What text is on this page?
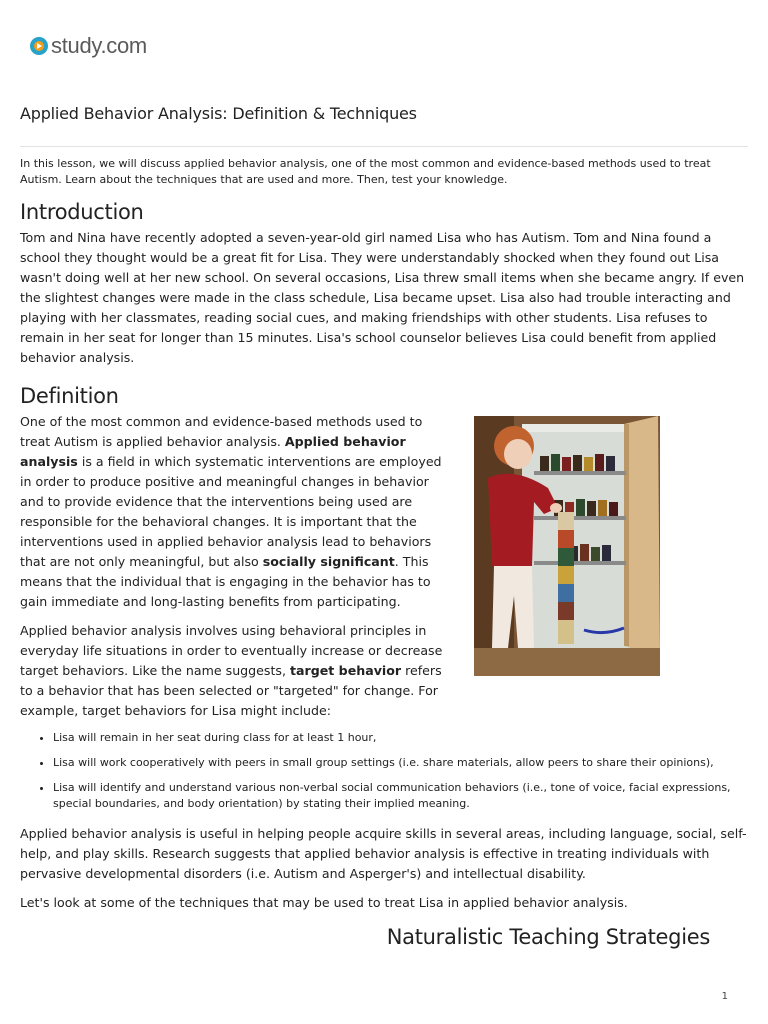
study.com
Applied Behavior Analysis: Definition & Techniques

In this lesson, we will discuss applied behavior analysis, one of the most common and evidence-based methods used to treat Autism. Learn about the techniques that are used and more. Then, test your knowledge.

Introduction

Tom and Nina have recently adopted a seven-year-old girl named Lisa who has Autism. Tom and Nina found a school they thought would be a great fit for Lisa. They were understandably shocked when they found out Lisa wasn't doing well at her new school. On several occasions, Lisa threw small items when she became angry. If even the slightest changes were made in the class schedule, Lisa became upset. Lisa also had trouble interacting and playing with her classmates, reading social cues, and making friendships with other students. Lisa refuses to remain in her seat for longer than 15 minutes. Lisa's school counselor believes Lisa could benefit from applied behavior analysis.

Definition

One of the most common and evidence-based methods used to treat Autism is applied behavior analysis. Applied behavior analysis is a field in which systematic interventions are employed in order to produce positive and meaningful changes in behavior and to provide evidence that the interventions being used are responsible for the behavioral changes. It is important that the interventions used in applied behavior analysis lead to behaviors that are not only meaningful, but also socially significant. This means that the individual that is engaging in the behavior has to gain immediate and long-lasting benefits from participating.

Applied behavior analysis involves using behavioral principles in everyday life situations in order to eventually increase or decrease target behaviors. Like the name suggests, target behavior refers to a behavior that has been selected or "targeted" for change. For example, target behaviors for Lisa might include:

• Lisa will remain in her seat during class for at least 1 hour,
• Lisa will work cooperatively with peers in small group settings (i.e. share materials, allow peers to share their opinions),
• Lisa will identify and understand various non-verbal social communication behaviors (i.e., tone of voice, facial expressions, special boundaries, and body orientation) by stating their implied meaning.

Applied behavior analysis is useful in helping people acquire skills in several areas, including language, social, self-help, and play skills. Research suggests that applied behavior analysis is effective in treating individuals with pervasive developmental disorders (i.e. Autism and Asperger's) and intellectual disability.

Let's look at some of the techniques that may be used to treat Lisa in applied behavior analysis.

Naturalistic Teaching Strategies
1
